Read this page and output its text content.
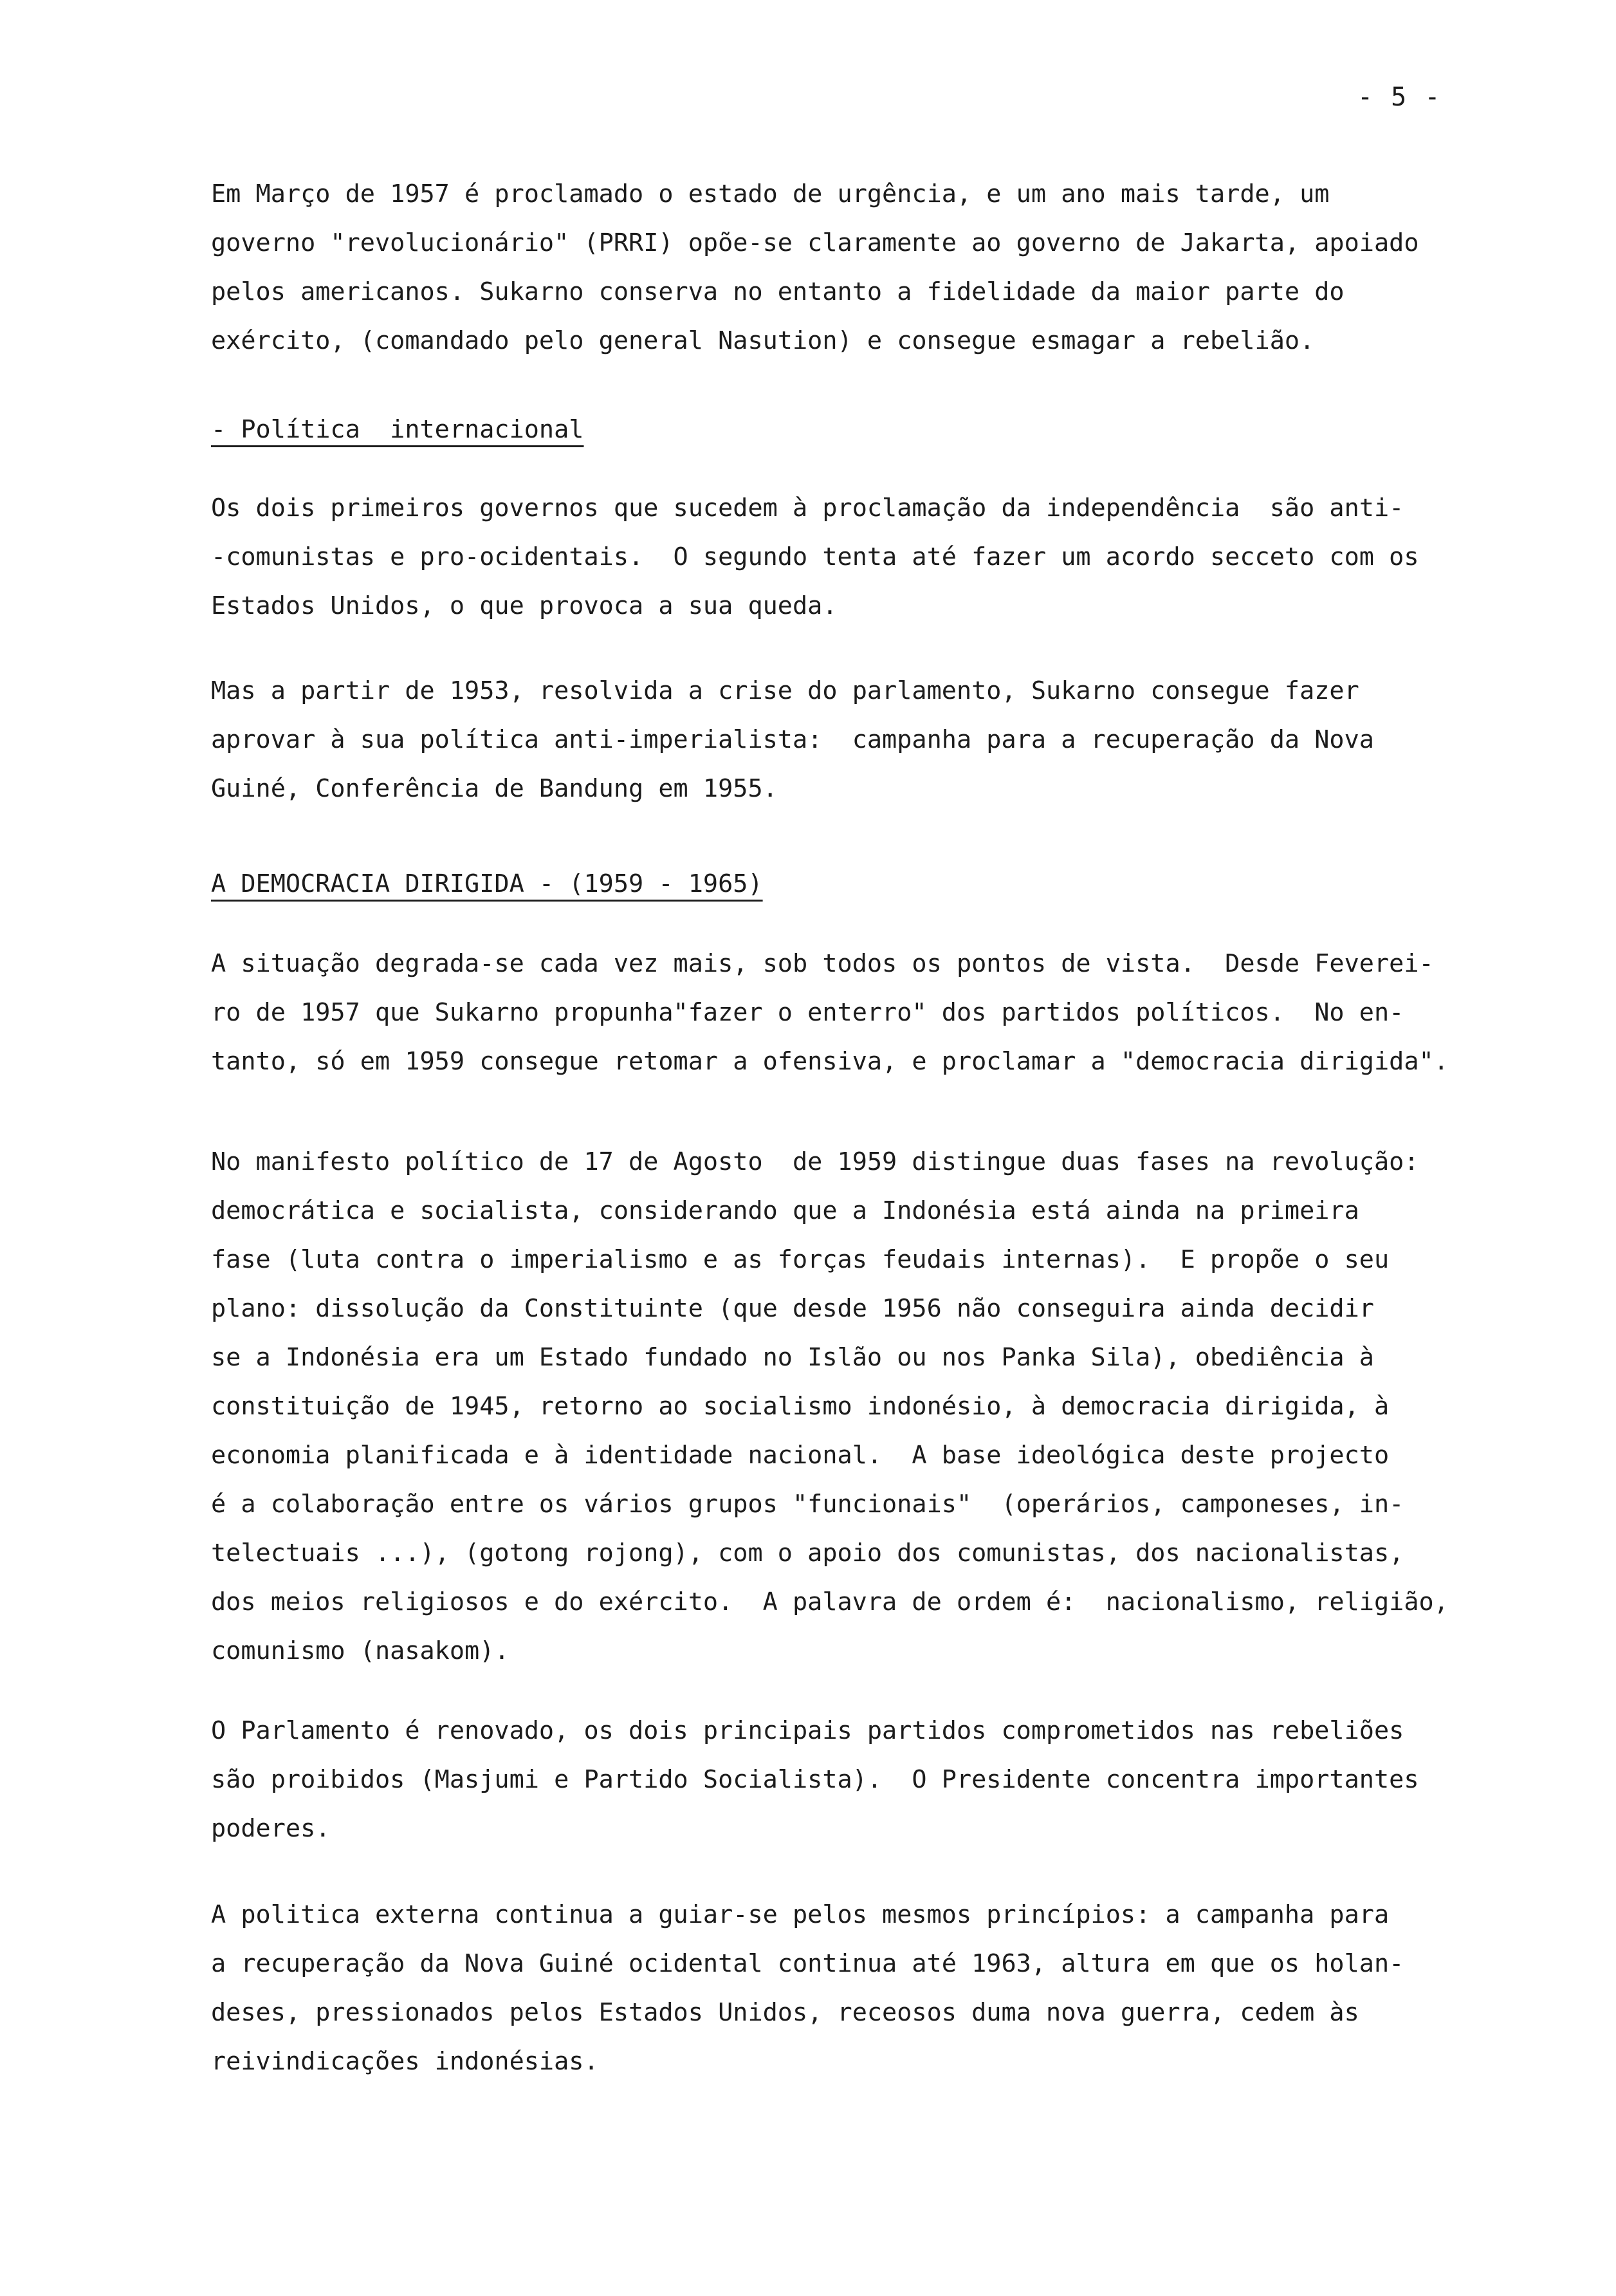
- 5 -
Em Março de 1957 é proclamado o estado de urgência, e um ano mais tarde, um
governo "revolucionário" (PRRI) opõe-se claramente ao governo de Jakarta, apoiado
pelos americanos. Sukarno conserva no entanto a fidelidade da maior parte do
exército, (comandado pelo general Nasution) e consegue esmagar a rebelião.
- Política  internacional
Os dois primeiros governos que sucedem à proclamação da independência  são anti-
-comunistas e pro-ocidentais.  O segundo tenta até fazer um acordo secceto com os
Estados Unidos, o que provoca a sua queda.
Mas a partir de 1953, resolvida a crise do parlamento, Sukarno consegue fazer
aprovar à sua política anti-imperialista:  campanha para a recuperação da Nova
Guiné, Conferência de Bandung em 1955.
A DEMOCRACIA DIRIGIDA - (1959 - 1965)
A situação degrada-se cada vez mais, sob todos os pontos de vista.  Desde Feverei-
ro de 1957 que Sukarno propunha"fazer o enterro" dos partidos políticos.  No en-
tanto, só em 1959 consegue retomar a ofensiva, e proclamar a "democracia dirigida".
No manifesto político de 17 de Agosto  de 1959 distingue duas fases na revolução:
democrática e socialista, considerando que a Indonésia está ainda na primeira
fase (luta contra o imperialismo e as forças feudais internas).  E propõe o seu
plano: dissolução da Constituinte (que desde 1956 não conseguira ainda decidir
se a Indonésia era um Estado fundado no Islão ou nos Panka Sila), obediência à
constituição de 1945, retorno ao socialismo indonésio, à democracia dirigida, à
economia planificada e à identidade nacional.  A base ideológica deste projecto
é a colaboração entre os vários grupos "funcionais"  (operários, camponeses, in-
telectuais ...), (gotong rojong), com o apoio dos comunistas, dos nacionalistas,
dos meios religiosos e do exército.  A palavra de ordem é:  nacionalismo, religião,
comunismo (nasakom).
O Parlamento é renovado, os dois principais partidos comprometidos nas rebeliões
são proibidos (Masjumi e Partido Socialista).  O Presidente concentra importantes
poderes.
A politica externa continua a guiar-se pelos mesmos princípios: a campanha para
a recuperação da Nova Guiné ocidental continua até 1963, altura em que os holan-
deses, pressionados pelos Estados Unidos, receosos duma nova guerra, cedem às
reivindicações indonésias.
